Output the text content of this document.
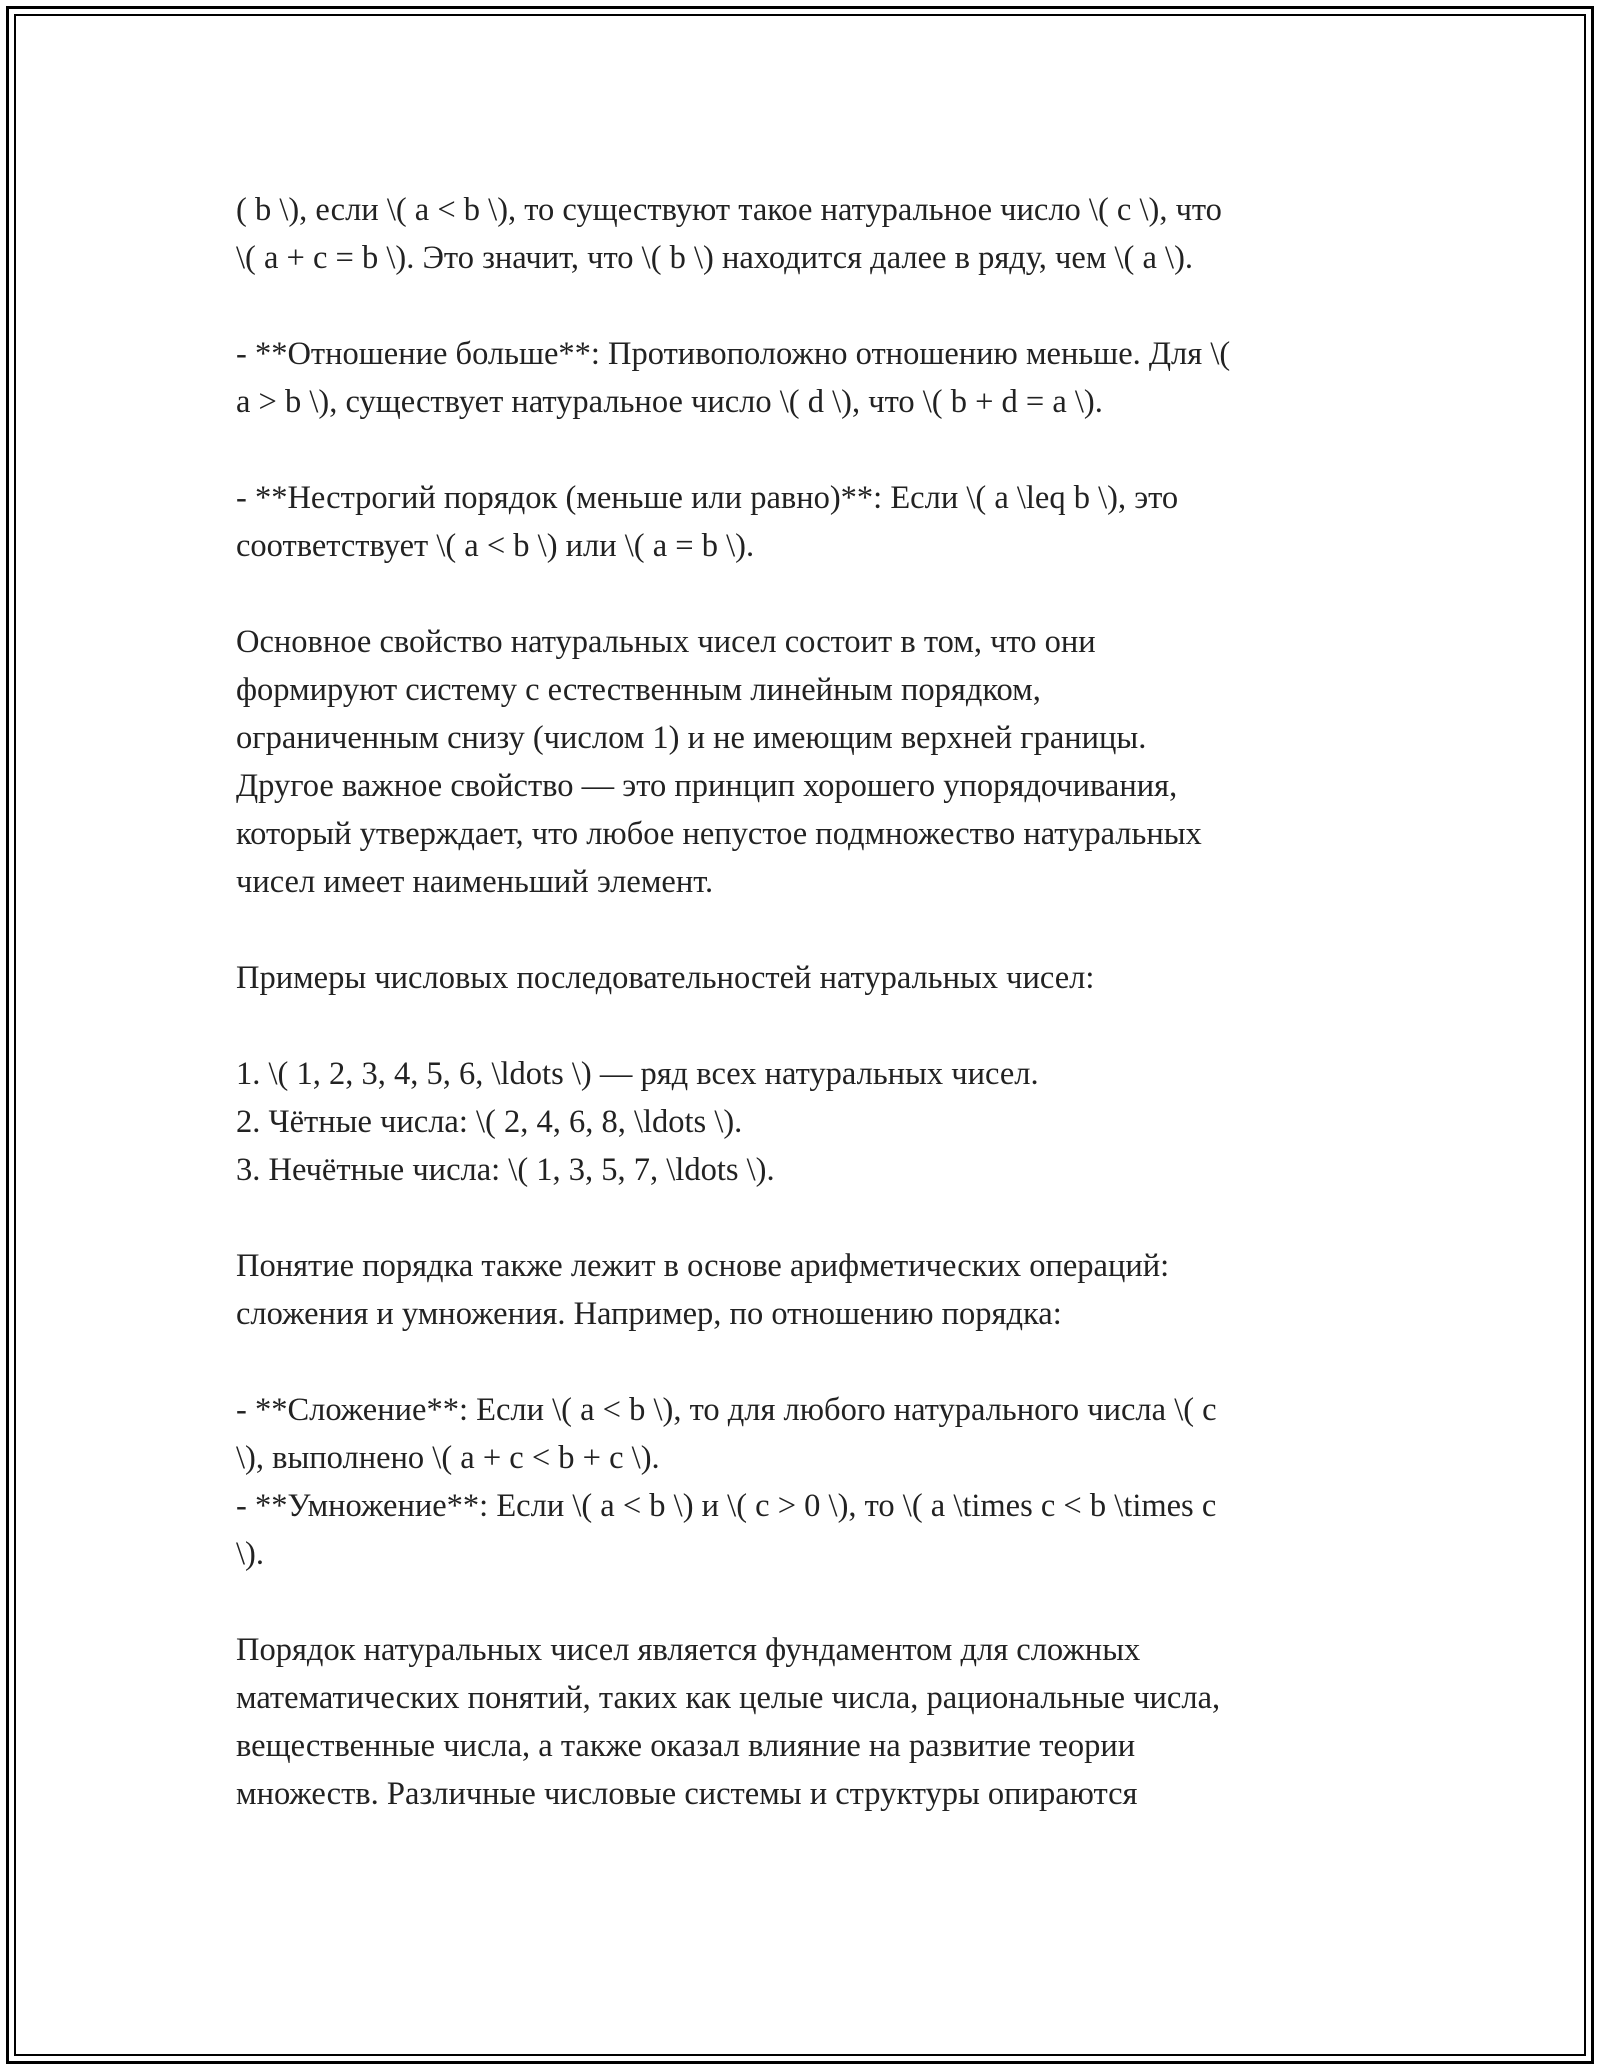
( b \), если \( a < b \), то существуют такое натуральное число \( c \), что
\( a + c = b \). Это значит, что \( b \) находится далее в ряду, чем \( a \).
- **Отношение больше**: Противоположно отношению меньше. Для \(
a > b \), существует натуральное число \( d \), что \( b + d = a \).
- **Нестрогий порядок (меньше или равно)**: Если \( a \leq b \), это
соответствует \( a < b \) или \( a = b \).
Основное свойство натуральных чисел состоит в том, что они
формируют систему с естественным линейным порядком,
ограниченным снизу (числом 1) и не имеющим верхней границы.
Другое важное свойство — это принцип хорошего упорядочивания,
который утверждает, что любое непустое подмножество натуральных
чисел имеет наименьший элемент.
Примеры числовых последовательностей натуральных чисел:
1. \( 1, 2, 3, 4, 5, 6, \ldots \) — ряд всех натуральных чисел.
2. Чётные числа: \( 2, 4, 6, 8, \ldots \).
3. Нечётные числа: \( 1, 3, 5, 7, \ldots \).
Понятие порядка также лежит в основе арифметических операций:
сложения и умножения. Например, по отношению порядка:
- **Сложение**: Если \( a < b \), то для любого натурального числа \( c
\), выполнено \( a + c < b + c \).
- **Умножение**: Если \( a < b \) и \( c > 0 \), то \( a \times c < b \times c
\).
Порядок натуральных чисел является фундаментом для сложных
математических понятий, таких как целые числа, рациональные числа,
вещественные числа, а также оказал влияние на развитие теории
множеств. Различные числовые системы и структуры опираются
